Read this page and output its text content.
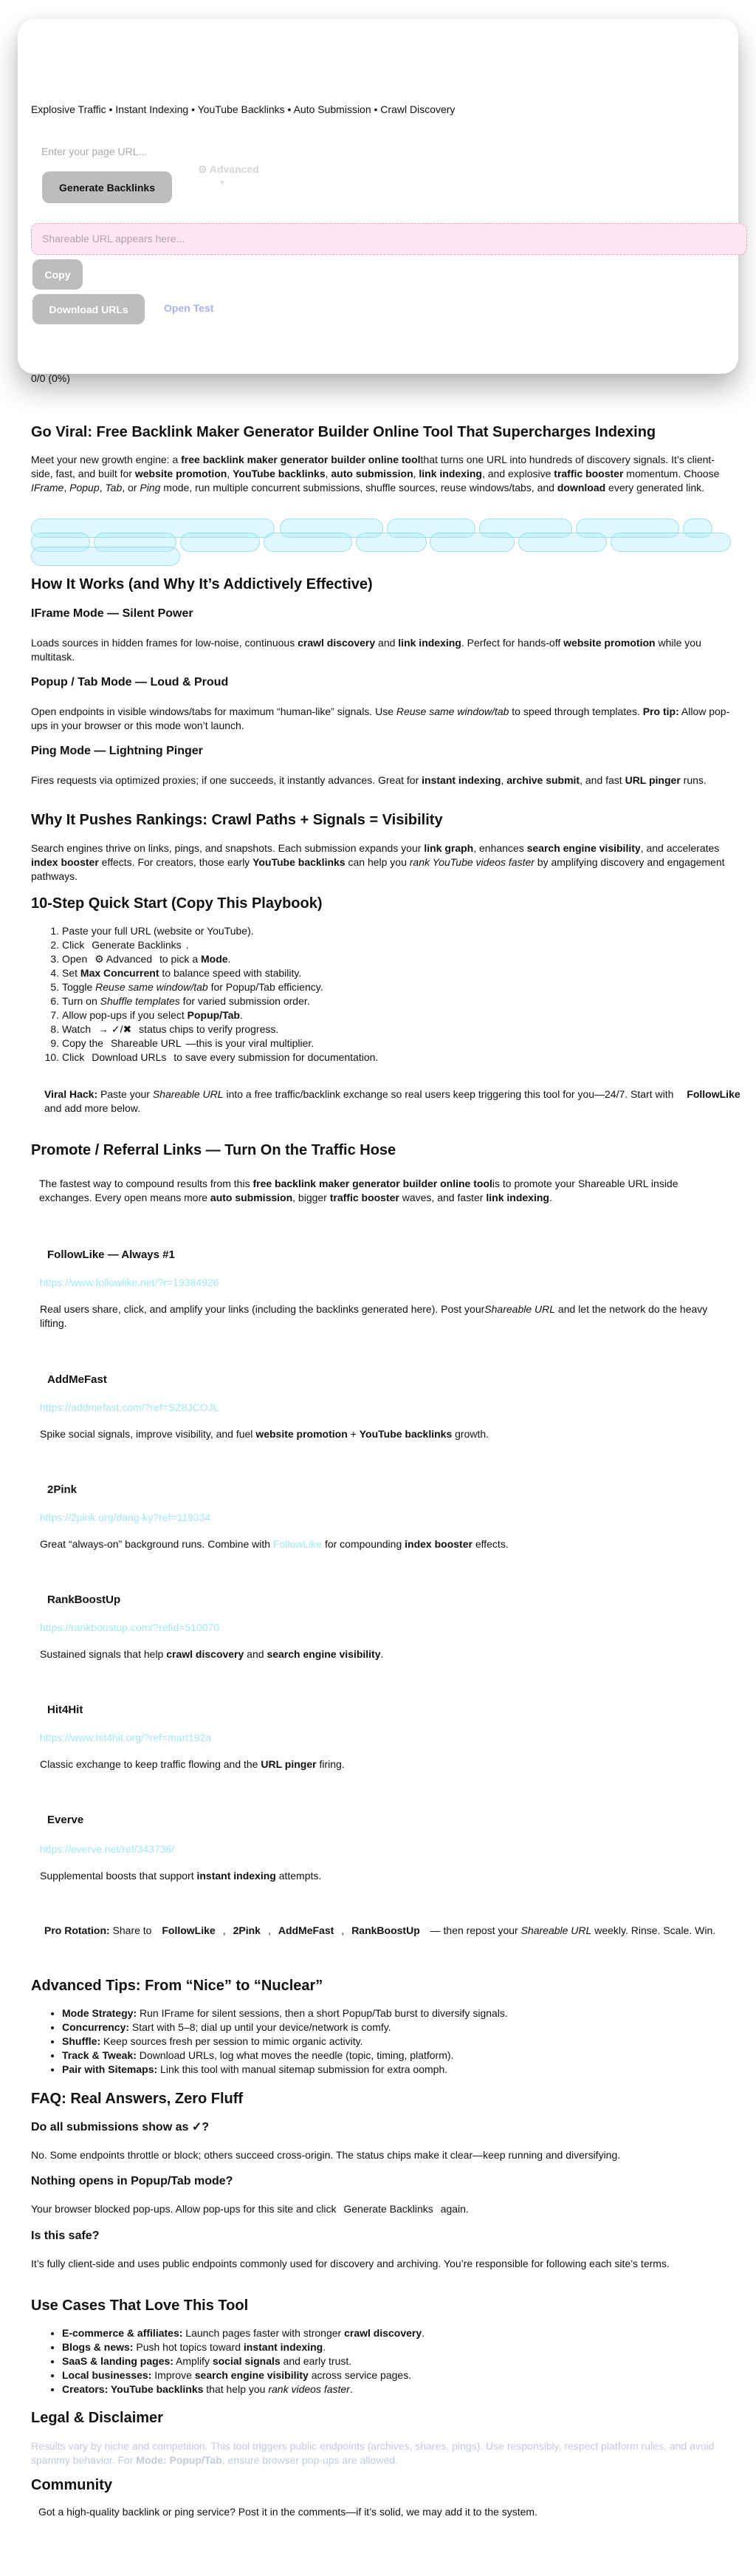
Explosive Traffic • Instant Indexing • YouTube Backlinks • Auto Submission • Crawl Discovery
Enter your page URL...
Generate Backlinks
⚙ Advanced
▼
Shareable URL appears here...
Copy
Download URLs	Open Test
0/0 (0%)
Go Viral: Free Backlink Maker Generator Builder Online Tool That Supercharges Indexing

Meet your new growth engine: a free backlink maker generator builder online toolthat turns one URL into hundreds of discovery signals. It’s client-side, fast, and built for website promotion, YouTube backlinks, auto submission, link indexing, and explosive traffic booster momentum. Choose IFrame, Popup, Tab, or Ping mode, run multiple concurrent submissions, shuffle sources, reuse windows/tabs, and download every generated link.

How It Works (and Why It’s Addictively Effective)
IFrame Mode — Silent Power

Loads sources in hidden frames for low-noise, continuous crawl discovery and link indexing. Perfect for hands-off website promotion while you multitask.

Popup / Tab Mode — Loud & Proud

Open endpoints in visible windows/tabs for maximum “human-like” signals. Use Reuse same window/tab to speed through templates. Pro tip: Allow pop-ups in your browser or this mode won’t launch.

Ping Mode — Lightning Pinger

Fires requests via optimized proxies; if one succeeds, it instantly advances. Great for instant indexing, archive submit, and fast URL pinger runs.

Why It Pushes Rankings: Crawl Paths + Signals = Visibility

Search engines thrive on links, pings, and snapshots. Each submission expands your link graph, enhances search engine visibility, and accelerates index booster effects. For creators, those early YouTube backlinks can help you rank YouTube videos faster by amplifying discovery and engagement pathways.

10-Step Quick Start (Copy This Playbook)
1. Paste your full URL (website or YouTube).
2. Click Generate Backlinks .
3. Open ⚙ Advanced to pick a Mode.
4. Set Max Concurrent to balance speed with stability.
5. Toggle Reuse same window/tab for Popup/Tab efficiency.
6. Turn on Shuffle templates for varied submission order.
7. Allow pop-ups if you select Popup/Tab.
8. Watch → ✓/✖ status chips to verify progress.
9. Copy the Shareable URL —this is your viral multiplier.
10. Click Download URLs to save every submission for documentation.
Viral Hack: Paste your Shareable URL into a free traffic/backlink exchange so real users keep triggering this tool for you—24/7. Start with FollowLike and add more below.
Promote / Referral Links — Turn On the Traffic Hose

The fastest way to compound results from this free backlink maker generator builder online toolis to promote your Shareable URL inside exchanges. Every open means more auto submission, bigger traffic booster waves, and faster link indexing.

FollowLike — Always #1
https://www.followlike.net/?r=19384926
Real users share, click, and amplify your links (including the backlinks generated here). Post yourShareable URL and let the network do the heavy lifting.
AddMeFast
https://addmefast.com/?ref=SZ8JCOJL
Spike social signals, improve visibility, and fuel website promotion + YouTube backlinks growth.
2Pink
https://2pink.org/dang-ky?ref=119334
Great “always-on” background runs. Combine with FollowLike for compounding index booster effects.
RankBoostUp
https://rankboostup.com/?refid=510070
Sustained signals that help crawl discovery and search engine visibility.
Hit4Hit
https://www.hit4hit.org/?ref=mart192a
Classic exchange to keep traffic flowing and the URL pinger firing.
Everve
https://everve.net/ref/343736/
Supplemental boosts that support instant indexing attempts.
Pro Rotation: Share to FollowLike , 2Pink , AddMeFast , RankBoostUp — then repost your Shareable URL weekly. Rinse. Scale. Win.
Advanced Tips: From “Nice” to “Nuclear”
• Mode Strategy: Run IFrame for silent sessions, then a short Popup/Tab burst to diversify signals.
• Concurrency: Start with 5–8; dial up until your device/network is comfy.
• Shuffle: Keep sources fresh per session to mimic organic activity.
• Track & Tweak: Download URLs, log what moves the needle (topic, timing, platform).
• Pair with Sitemaps: Link this tool with manual sitemap submission for extra oomph.
FAQ: Real Answers, Zero Fluff
Do all submissions show as ✓?

No. Some endpoints throttle or block; others succeed cross-origin. The status chips make it clear—keep running and diversifying.

Nothing opens in Popup/Tab mode?

Your browser blocked pop-ups. Allow pop-ups for this site and click Generate Backlinks again.

Is this safe?

It’s fully client-side and uses public endpoints commonly used for discovery and archiving. You’re responsible for following each site’s terms.

Use Cases That Love This Tool
• E-commerce & affiliates: Launch pages faster with stronger crawl discovery.
• Blogs & news: Push hot topics toward instant indexing.
• SaaS & landing pages: Amplify social signals and early trust.
• Local businesses: Improve search engine visibility across service pages.
• Creators: YouTube backlinks that help you rank videos faster.
Legal & Disclaimer

Results vary by niche and competition. This tool triggers public endpoints (archives, shares, pings). Use responsibly, respect platform rules, and avoid spammy behavior. For Mode: Popup/Tab, ensure browser pop-ups are allowed.

Community

Got a high-quality backlink or ping service? Post it in the comments—if it’s solid, we may add it to the system.
